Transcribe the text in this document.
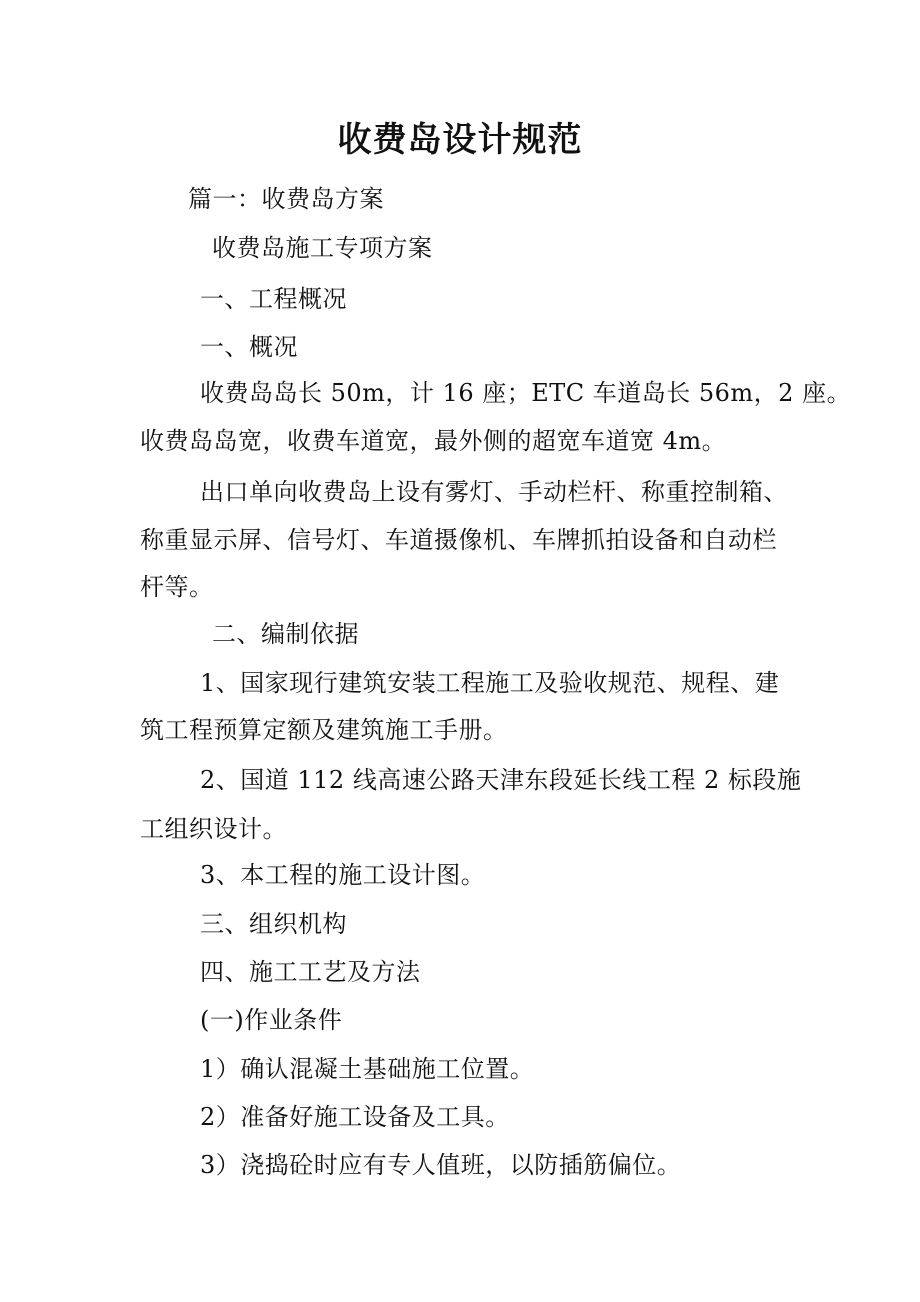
收费岛设计规范

篇一：收费岛方案

收费岛施工专项方案

一、工程概况

一、概况

收费岛岛长 50m，计 16 座；ETC 车道岛长 56m，2 座。

收费岛岛宽，收费车道宽，最外侧的超宽车道宽 4m。

出口单向收费岛上设有雾灯、手动栏杆、称重控制箱、

称重显示屏、信号灯、车道摄像机、车牌抓拍设备和自动栏

杆等。

二、编制依据

1、国家现行建筑安装工程施工及验收规范、规程、建

筑工程预算定额及建筑施工手册。

2、国道 112 线高速公路天津东段延长线工程 2 标段施

工组织设计。

3、本工程的施工设计图。

三、组织机构

四、施工工艺及方法

(一)作业条件

1）确认混凝土基础施工位置。

2）准备好施工设备及工具。

3）浇捣砼时应有专人值班，以防插筋偏位。
